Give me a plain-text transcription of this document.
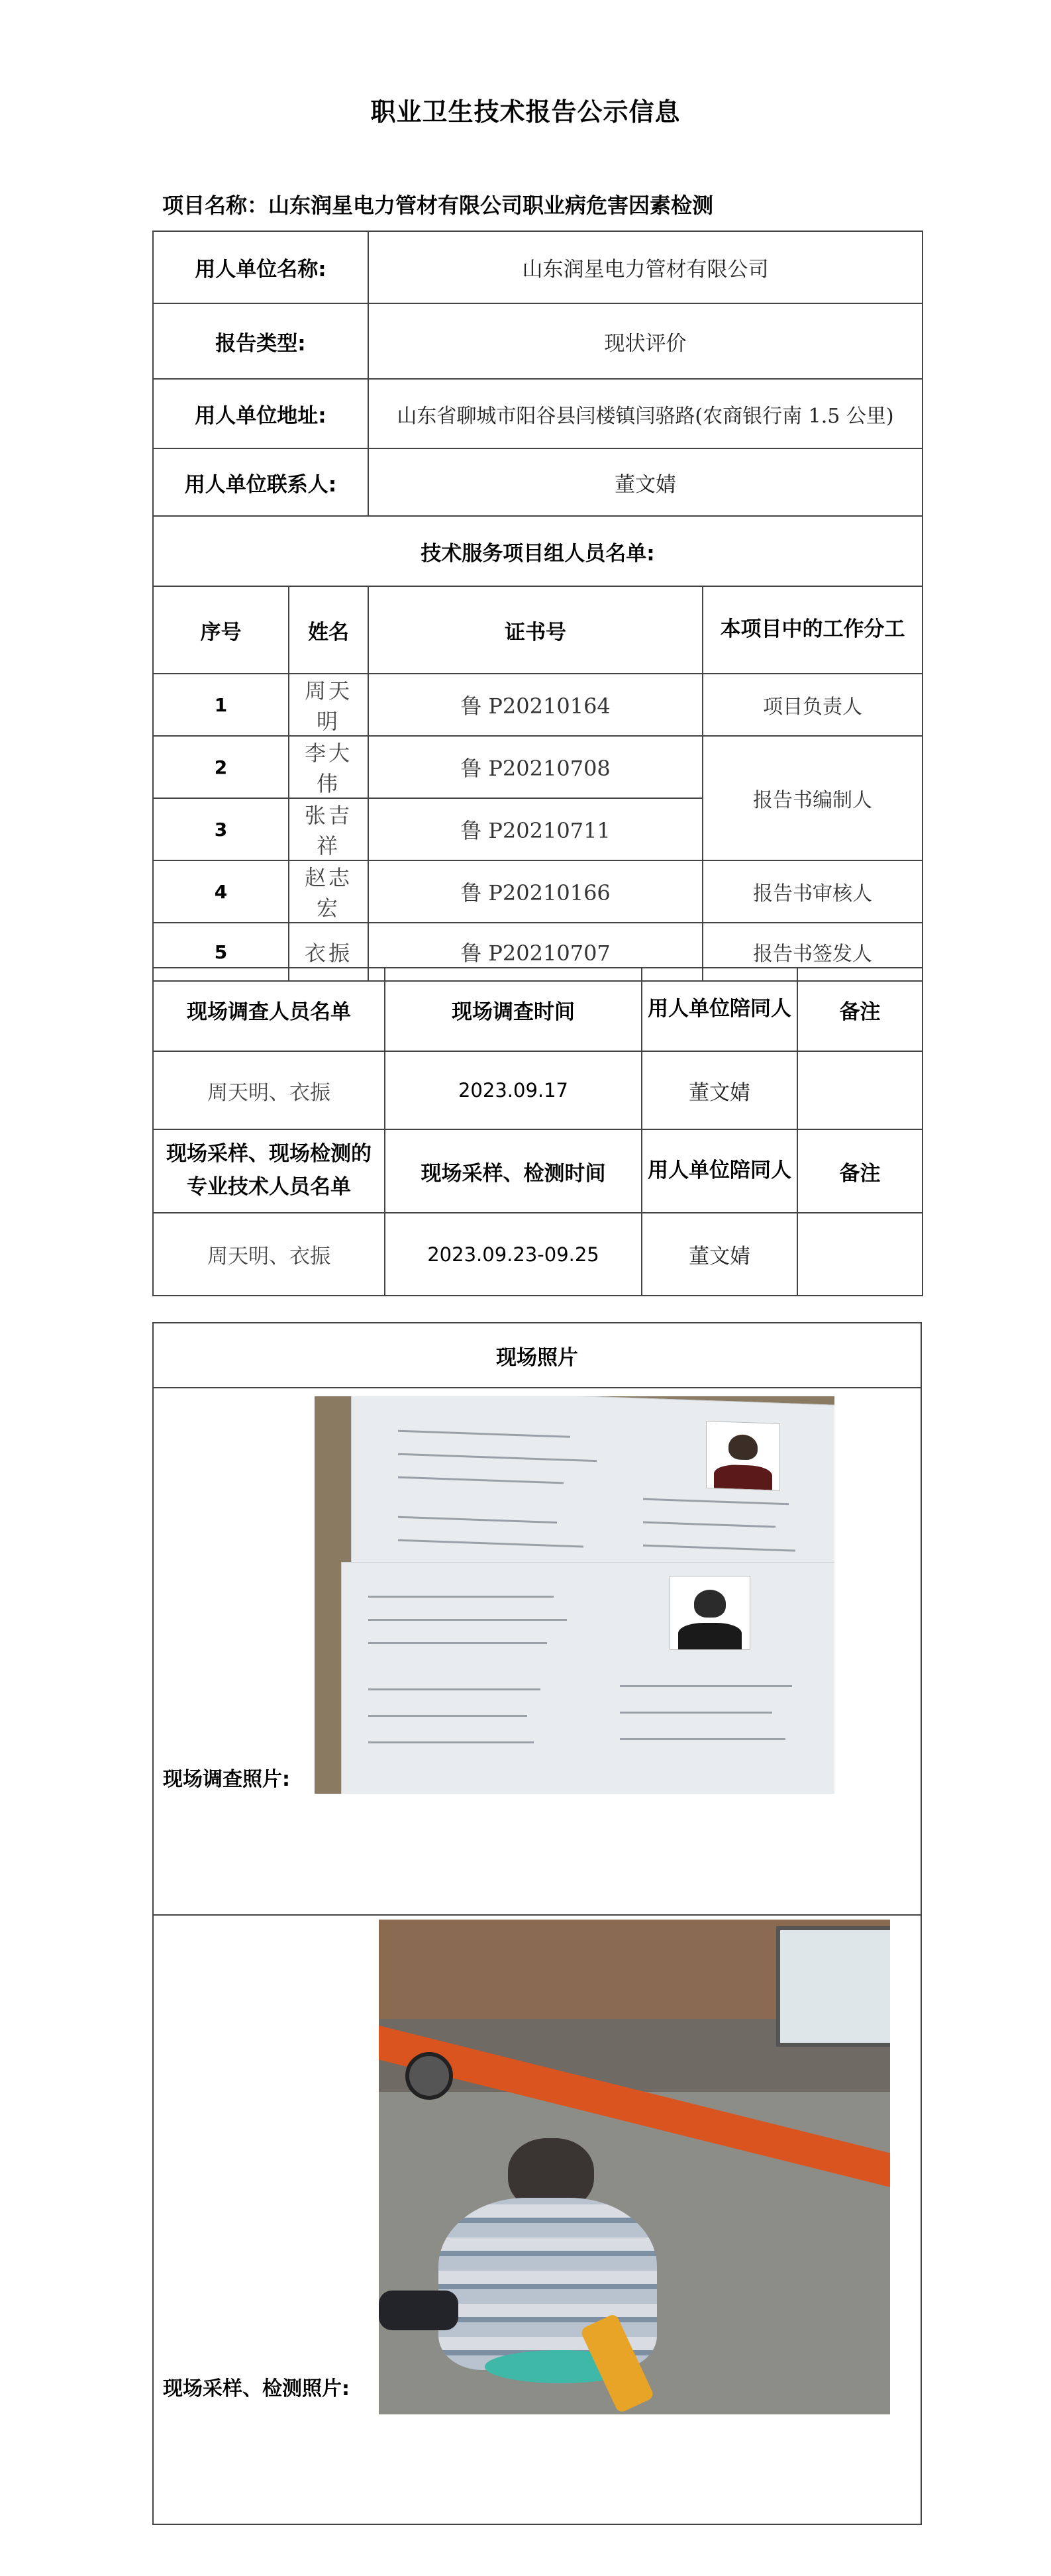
职业卫生技术报告公示信息
项目名称：山东润星电力管材有限公司职业病危害因素检测
用人单位名称:		山东润星电力管材有限公司	
报告类型:		现状评价	
用人单位地址:		山东省聊城市阳谷县闫楼镇闫骆路(农商银行南 1.5 公里)	
用人单位联系人:		董文婧	
技术服务项目组人员名单:			
序号	姓名	证书号	本项目中的工作分工
1	周天明	鲁 P20210164	项目负责人
2	李大伟	鲁 P20210708	报告书编制人
3	张吉祥	鲁 P20210711	
4	赵志宏	鲁 P20210166	报告书审核人
5	衣振	鲁 P20210707	报告书签发人
现场调查人员名单	现场调查时间	用人单位陪同人	备注
周天明、衣振	2023.09.17	董文婧	
现场采样、现场检测的专业技术人员名单	现场采样、检测时间	用人单位陪同人	备注
周天明、衣振	2023.09.23-09.25	董文婧	
现场照片
现场调查照片:
现场采样、检测照片:
